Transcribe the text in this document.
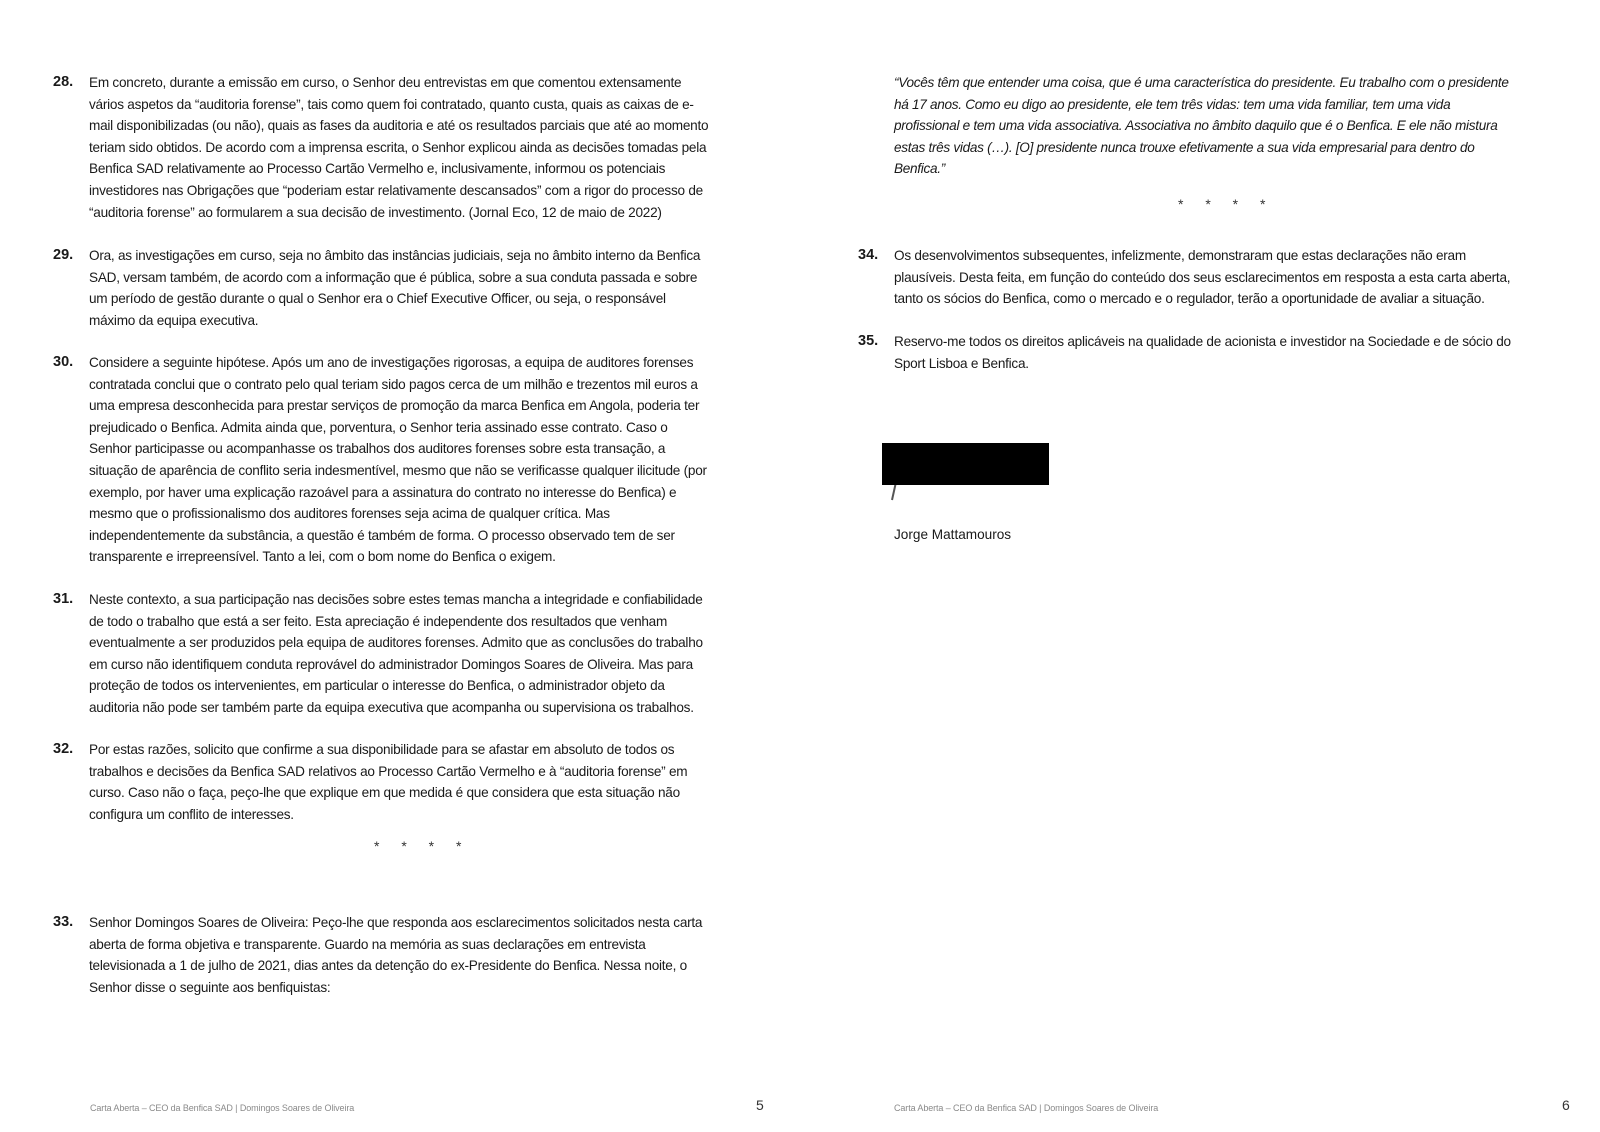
28.	Em concreto, durante a emissão em curso, o Senhor deu entrevistas em que comentou extensamente vários aspetos da “auditoria forense”, tais como quem foi contratado, quanto custa, quais as caixas de e-mail disponibilizadas (ou não), quais as fases da auditoria e até os resultados parciais que até ao momento teriam sido obtidos. De acordo com a imprensa escrita, o Senhor explicou ainda as decisões tomadas pela Benfica SAD relativamente ao Processo Cartão Vermelho e, inclusivamente, informou os potenciais investidores nas Obrigações que “poderiam estar relativamente descansados” com a rigor do processo de “auditoria forense” ao formularem a sua decisão de investimento. (Jornal Eco, 12 de maio de 2022)
29.	Ora, as investigações em curso, seja no âmbito das instâncias judiciais, seja no âmbito interno da Benfica SAD, versam também, de acordo com a informação que é pública, sobre a sua conduta passada e sobre um período de gestão durante o qual o Senhor era o Chief Executive Officer, ou seja, o responsável máximo da equipa executiva.
30.	Considere a seguinte hipótese. Após um ano de investigações rigorosas, a equipa de auditores forenses contratada conclui que o contrato pelo qual teriam sido pagos cerca de um milhão e trezentos mil euros a uma empresa desconhecida para prestar serviços de promoção da marca Benfica em Angola, poderia ter prejudicado o Benfica. Admita ainda que, porventura, o Senhor teria assinado esse contrato. Caso o Senhor participasse ou acompanhasse os trabalhos dos auditores forenses sobre esta transação, a situação de aparência de conflito seria indesmentível, mesmo que não se verificasse qualquer ilicitude (por exemplo, por haver uma explicação razoável para a assinatura do contrato no interesse do Benfica) e mesmo que o profissionalismo dos auditores forenses seja acima de qualquer crítica. Mas independentemente da substância, a questão é também de forma. O processo observado tem de ser transparente e irrepreensível. Tanto a lei, com o bom nome do Benfica o exigem.
31.	Neste contexto, a sua participação nas decisões sobre estes temas mancha a integridade e confiabilidade de todo o trabalho que está a ser feito. Esta apreciação é independente dos resultados que venham eventualmente a ser produzidos pela equipa de auditores forenses. Admito que as conclusões do trabalho em curso não identifiquem conduta reprovável do administrador Domingos Soares de Oliveira. Mas para proteção de todos os intervenientes, em particular o interesse do Benfica, o administrador objeto da auditoria não pode ser também parte da equipa executiva que acompanha ou supervisiona os trabalhos.
32.	Por estas razões, solicito que confirme a sua disponibilidade para se afastar em absoluto de todos os trabalhos e decisões da Benfica SAD relativos ao Processo Cartão Vermelho e à “auditoria forense” em curso. Caso não o faça, peço-lhe que explique em que medida é que considera que esta situação não configura um conflito de interesses.
* * * *
33.	Senhor Domingos Soares de Oliveira: Peço-lhe que responda aos esclarecimentos solicitados nesta carta aberta de forma objetiva e transparente. Guardo na memória as suas declarações em entrevista televisionada a 1 de julho de 2021, dias antes da detenção do ex-Presidente do Benfica. Nessa noite, o Senhor disse o seguinte aos benfiquistas:
Carta Aberta – CEO da Benfica SAD | Domingos Soares de Oliveira	5
“Vocês têm que entender uma coisa, que é uma característica do presidente. Eu trabalho com o presidente há 17 anos. Como eu digo ao presidente, ele tem três vidas: tem uma vida familiar, tem uma vida profissional e tem uma vida associativa. Associativa no âmbito daquilo que é o Benfica. E ele não mistura estas três vidas (…). [O] presidente nunca trouxe efetivamente a sua vida empresarial para dentro do Benfica.”
* * * *
34.	Os desenvolvimentos subsequentes, infelizmente, demonstraram que estas declarações não eram plausíveis. Desta feita, em função do conteúdo dos seus esclarecimentos em resposta a esta carta aberta, tanto os sócios do Benfica, como o mercado e o regulador, terão a oportunidade de avaliar a situação.
35.	Reservo-me todos os direitos aplicáveis na qualidade de acionista e investidor na Sociedade e de sócio do Sport Lisboa e Benfica.
Jorge Mattamouros
Carta Aberta – CEO da Benfica SAD | Domingos Soares de Oliveira	6
